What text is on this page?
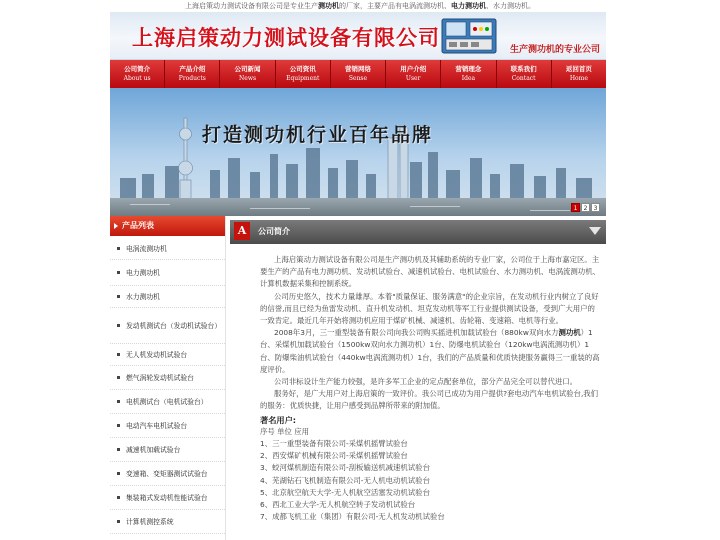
上海启策动力测试设备有限公司是专业生产测功机的厂家，主要产品有电涡流测功机、电力测功机、水力测功机。
上海启策动力测试设备有限公司	生产测功机的专业公司
公司简介
About us
产品介绍
Products
公司新闻
News
公司资讯
Equipment
营销网络
Sense
用户介绍
User
营销理念
Idea
联系我们
Contact
返回首页
Home
打造测功机行业百年品牌
1	2	3
产品列表
电涡流测功机
电力测功机
水力测功机
发动机测试台（发动机试验台）
无人机发动机试验台
燃气涡轮发动机试验台
电机测试台（电机试验台）
电动汽车电机试验台
减速机加载试验台
变速箱、变矩器测试试验台
集装箱式发动机性能试验台
计算机测控系统
A	公司简介

上海启策动力测试设备有限公司是生产测功机及其辅助系统的专业厂家，公司位于上海市嘉定区。主要生产的产品有电力测功机、发动机试验台、减速机试验台、电机试验台、水力测功机、电涡流测功机、计算机数据采集和控制系统。

公司历史悠久，技术力量雄厚。本着"质量保证、服务满意"的企业宗旨，在发动机行业内树立了良好的信誉,而且已经为鱼雷发动机、直升机发动机、坦克发动机等军工行业提供测试设备，受到广大用户的一致肯定。最近几年开始将测功机应用于煤矿机械、减速机、齿轮箱、变速箱、电机等行业。

2008年3月，三一重型装备有限公司向我公司购买摇进机加载试验台（880kw双向水力测功机）1台、采煤机加载试验台（1500kw双向水力测功机）1台、防爆电机试验台（120kw电涡流测功机）1台、防爆柴油机试验台（440kw电涡流测功机）1台，我们的产品质量和优质快捷服务赢得三一重装的高度评价。

公司非标设计生产能力较强，是许多军工企业的定点配套单位，部分产品完全可以替代进口。

服务好，是广大用户对上海启策的一致评价。我公司已成功为用户提供?套电动汽车电机试验台,我们的服务：优质快捷，让用户感受到品牌所带来的附加值。

著名用户:

序号 单位 应用

1、三一重型装备有限公司-采煤机摇臂试验台

2、西安煤矿机械有限公司-采煤机摇臂试验台

3、蛟河煤机制造有限公司-刮板输送机减速机试验台

4、芜湖钻石飞机制造有限公司-无人机电动机试验台

5、北京航空航天大学-无人机航空活塞发动机试验台

6、西北工业大学-无人机航空转子发动机试验台

7、成都飞机工业（集团）有限公司-无人机发动机试验台
